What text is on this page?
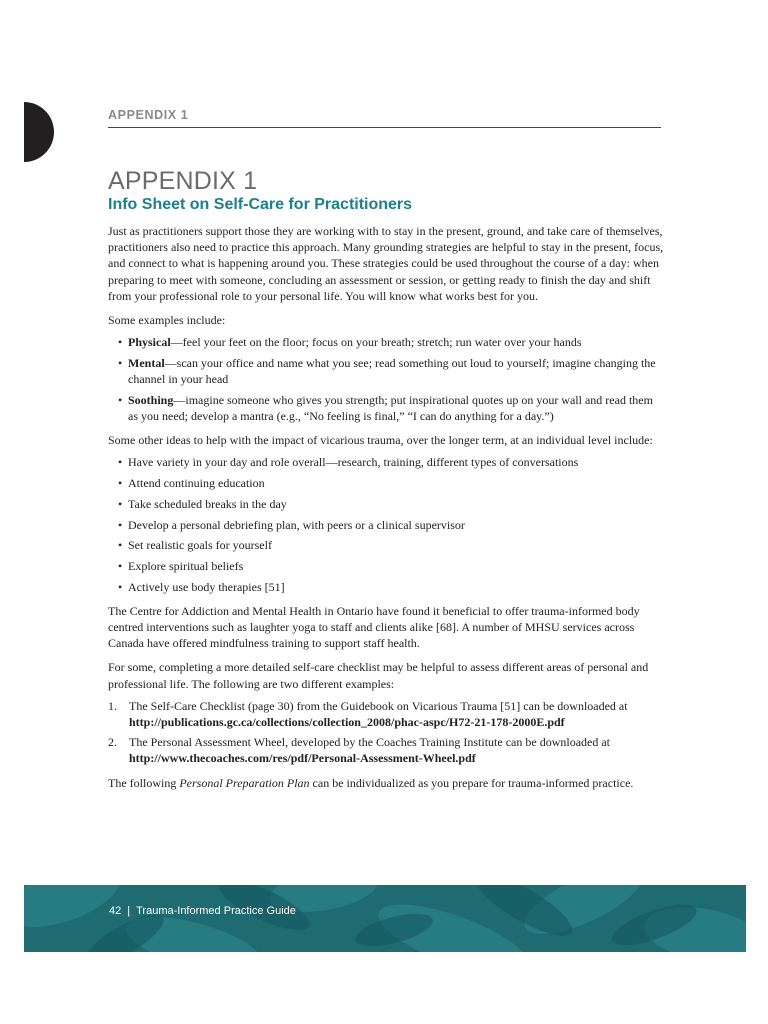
APPENDIX 1
APPENDIX 1
Info Sheet on Self-Care for Practitioners

Just as practitioners support those they are working with to stay in the present, ground, and take care of themselves, practitioners also need to practice this approach. Many grounding strategies are helpful to stay in the present, focus, and connect to what is happening around you. These strategies could be used throughout the course of a day: when preparing to meet with someone, concluding an assessment or session, or getting ready to finish the day and shift from your professional role to your personal life. You will know what works best for you.

Some examples include:

• Physical—feel your feet on the floor; focus on your breath; stretch; run water over your hands
• Mental—scan your office and name what you see; read something out loud to yourself; imagine changing the channel in your head
• Soothing—imagine someone who gives you strength; put inspirational quotes up on your wall and read them as you need; develop a mantra (e.g., “No feeling is final,” “I can do anything for a day.”)

Some other ideas to help with the impact of vicarious trauma, over the longer term, at an individual level include:

• Have variety in your day and role overall—research, training, different types of conversations
• Attend continuing education
• Take scheduled breaks in the day
• Develop a personal debriefing plan, with peers or a clinical supervisor
• Set realistic goals for yourself
• Explore spiritual beliefs
• Actively use body therapies [51]

The Centre for Addiction and Mental Health in Ontario have found it beneficial to offer trauma-informed body centred interventions such as laughter yoga to staff and clients alike [68]. A number of MHSU services across Canada have offered mindfulness training to support staff health.

For some, completing a more detailed self-care checklist may be helpful to assess different areas of personal and professional life. The following are two different examples:

1. The Self-Care Checklist (page 30) from the Guidebook on Vicarious Trauma [51] can be downloaded at http://publications.gc.ca/collections/collection_2008/phac-aspc/H72-21-178-2000E.pdf
2. The Personal Assessment Wheel, developed by the Coaches Training Institute can be downloaded at http://www.thecoaches.com/res/pdf/Personal-Assessment-Wheel.pdf

The following Personal Preparation Plan can be individualized as you prepare for trauma-informed practice.

42 | Trauma-Informed Practice Guide
